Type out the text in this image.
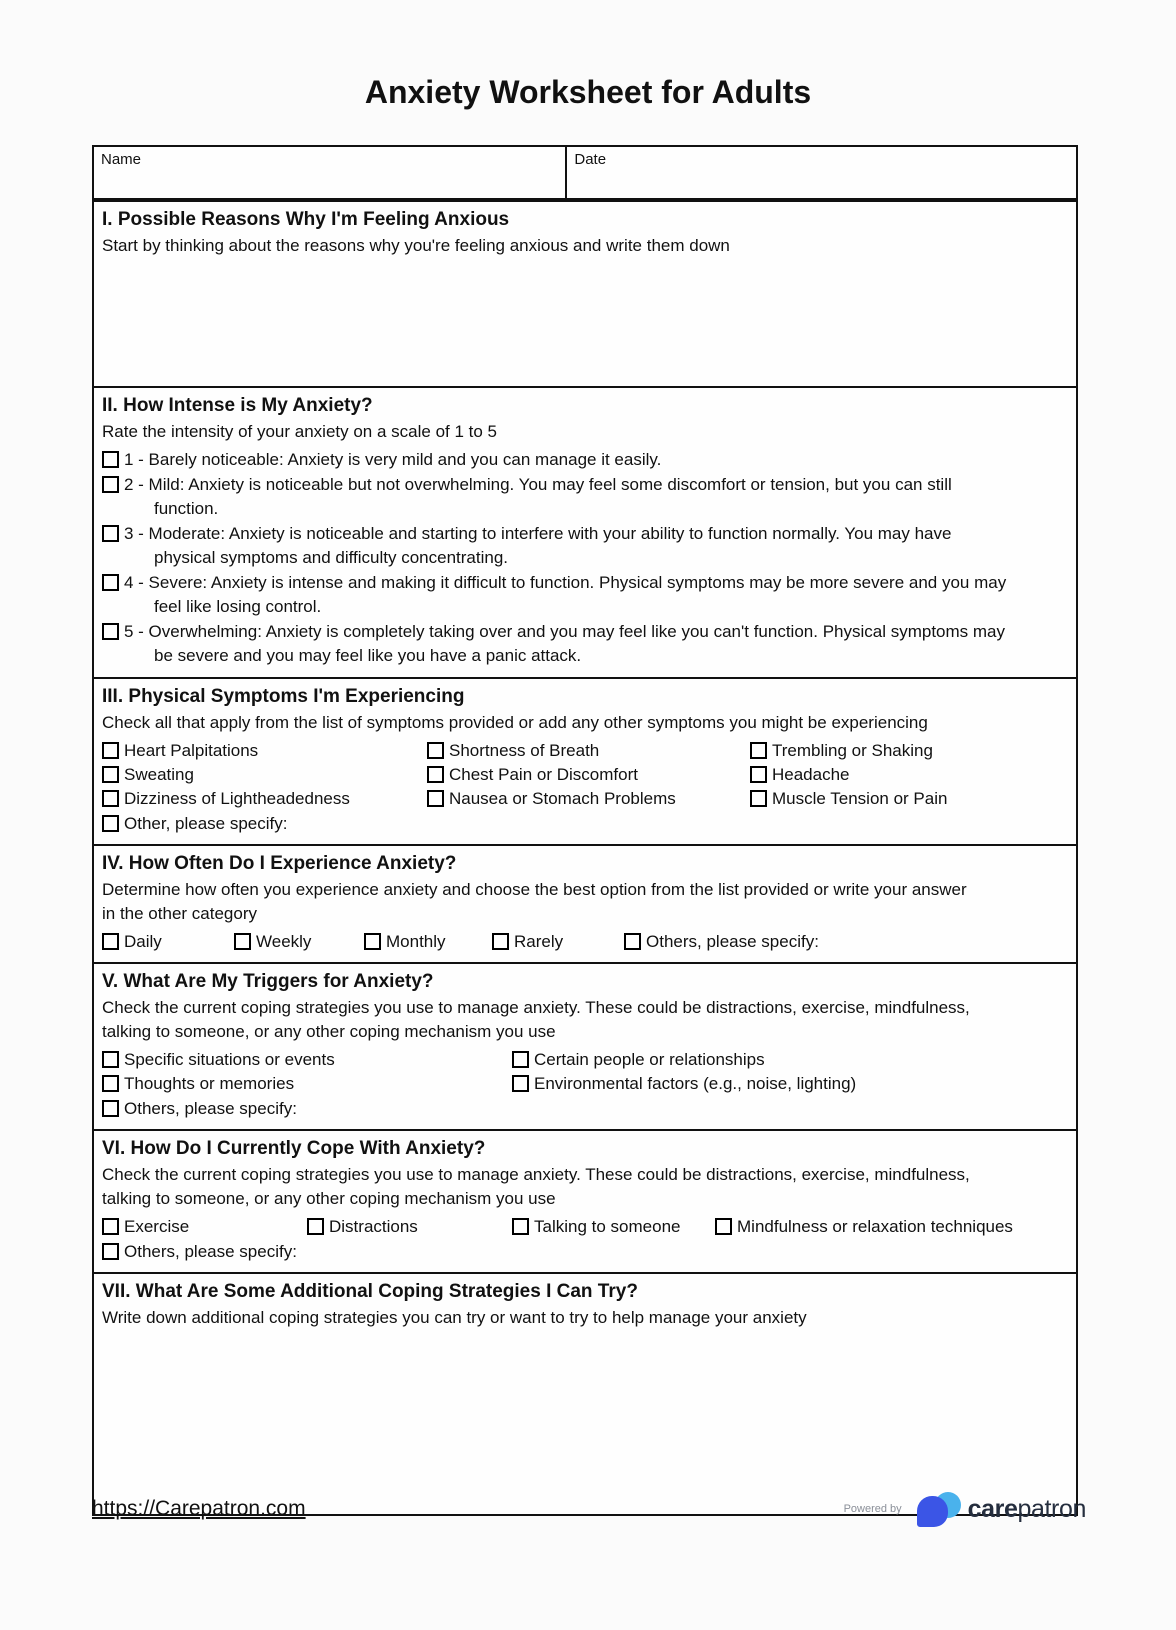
Anxiety Worksheet for Adults
Name	Date
I. Possible Reasons Why I'm Feeling Anxious
Start by thinking about the reasons why you're feeling anxious and write them down
II. How Intense is My Anxiety?
Rate the intensity of your anxiety on a scale of 1 to 5
1 - Barely noticeable: Anxiety is very mild and you can manage it easily.
2 - Mild: Anxiety is noticeable but not overwhelming. You may feel some discomfort or tension, but you can still function.
3 - Moderate: Anxiety is noticeable and starting to interfere with your ability to function normally. You may have physical symptoms and difficulty concentrating.
4 - Severe: Anxiety is intense and making it difficult to function. Physical symptoms may be more severe and you may feel like losing control.
5 - Overwhelming: Anxiety is completely taking over and you may feel like you can't function. Physical symptoms may be severe and you may feel like you have a panic attack.
III. Physical Symptoms I'm Experiencing
Check all that apply from the list of symptoms provided or add any other symptoms you might be experiencing
Heart Palpitations	Shortness of Breath	Trembling or Shaking
Sweating	Chest Pain or Discomfort	Headache
Dizziness of Lightheadedness	Nausea or Stomach Problems	Muscle Tension or Pain
Other, please specify:
IV. How Often Do I Experience Anxiety?
Determine how often you experience anxiety and choose the best option from the list provided or write your answer
in the other category
Daily	Weekly	Monthly	Rarely	Others, please specify:
V. What Are My Triggers for Anxiety?
Check the current coping strategies you use to manage anxiety. These could be distractions, exercise, mindfulness,
talking to someone, or any other coping mechanism you use
Specific situations or events	Certain people or relationships
Thoughts or memories	Environmental factors (e.g., noise, lighting)
Others, please specify:
VI. How Do I Currently Cope With Anxiety?
Check the current coping strategies you use to manage anxiety. These could be distractions, exercise, mindfulness,
talking to someone, or any other coping mechanism you use
Exercise	Distractions	Talking to someone	Mindfulness or relaxation techniques
Others, please specify:
VII. What Are Some Additional Coping Strategies I Can Try?
Write down additional coping strategies you can try or want to try to help manage your anxiety
https://Carepatron.com	Powered by	carepatron
